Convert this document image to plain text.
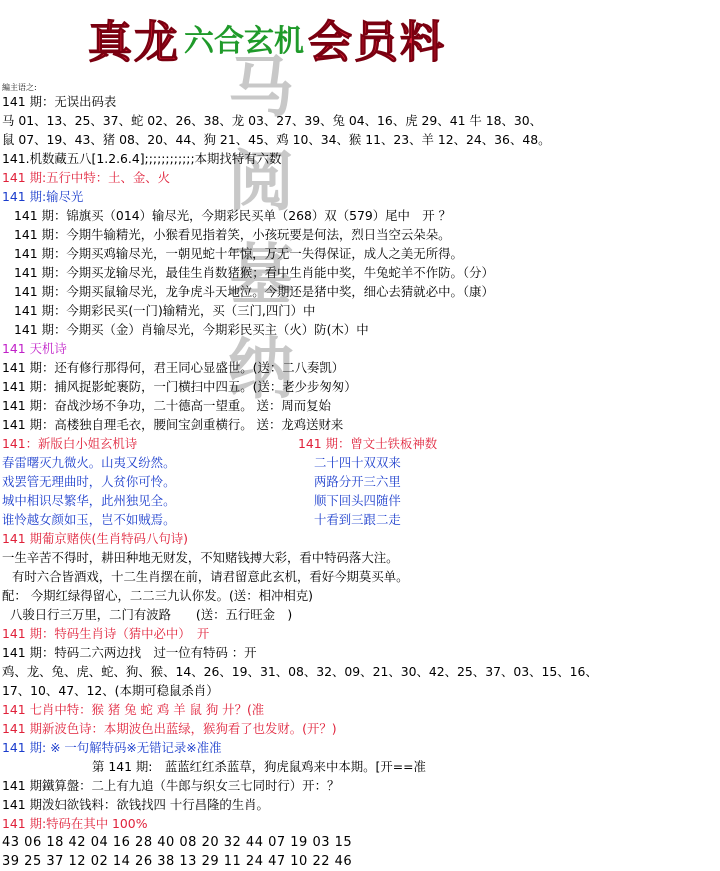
真龙 六合玄机会员料
編主语之:	马
阅
墓
纳
141 期：无误出码表
马 01、13、25、37、蛇 02、26、38、龙 03、27、39、兔 04、16、虎 29、41 牛 18、30、
鼠 07、19、43、猪 08、20、44、狗 21、45、鸡 10、34、猴 11、23、羊 12、24、36、48。
141.机数藏五八[1.2.6.4];;;;;;;;;;;;本期找特有六数
141 期:五行中特：土、金、火
141 期:输尽光
141 期：锦旗买（014）输尽光，今期彩民买单（268）双（579）尾中　开 ？
141 期：今期牛输精光，小猴看见指着笑，小孩玩要是何法，烈日当空云朵朵。
141 期：今期买鸡输尽光，一朝见蛇十年惊，万无一失得保证，成人之美无所得。
141 期：今期买龙输尽光，最佳生肖数猪猴；看中生肖能中奖，牛兔蛇羊不作防。（分）
141 期：今期买鼠输尽光，龙争虎斗天地泣。今期还是猪中奖，细心去猜就必中。（康）
141 期：今期彩民买(一门)输精光，买（三门,四门）中
141 期：今期买（金）肖输尽光，今期彩民买主（火）防(木）中
141 天机诗
141 期：还有修行那得何，君王同心显盛世。(送：二八奏凯）
141 期：捕风捉影蛇裹防，一门横扫中四五。(送：老少步匆匆）
141 期：奋战沙场不争功，二十德高一望重。 送：周而复始
141 期：高楼独自理毛衣，腰间宝剑重横行。 送：龙鸡送财来
141：新版白小姐玄机诗	141 期：曾文士铁板神数
春雷曙灭九微火。山夷又纷然。	二十四十双双来
戏罢管无理曲时，人贫你可怜。	两路分开三六里
城中相识尽繁华，此州独见全。	顺下回头四随伴
谁怜越女颜如玉，岂不如贼焉。	十看到三跟二走
141 期葡京赌侠(生肖特码八句诗)
一生辛苦不得时，耕田种地无财发，不知赌钱搏大彩，看中特码落大注。
有时六合皆酒戏，十二生肖摆在前，请君留意此玄机，看好今期莫买单。
配： 今期红绿得留心，二二三九认你发。(送：相冲相克)
八骏日行三万里，二门有波路　　(送：五行旺金　)
141 期：特码生肖诗（猜中必中）　开
141 期：特码二六两边找　过一位有特码 ：开
鸡、龙、兔、虎、蛇、狗、猴、14、26、19、31、08、32、09、21、30、42、25、37、03、15、16、
17、10、47、12、(本期可稳鼠杀肖）
141 七肖中特：猴 猪 兔 蛇 鸡 羊 鼠 狗 廾？(准
141 期新波色诗：本期波色出蓝绿，猴狗看了也发财。(开？)
141 期: ※ 一句解特码※无错记录※准准
第 141 期:　蓝蓝红红杀蓝草，狗虎鼠鸡来中本期。[开==准
141 期鐵算盤：二上有九追（牛郎与织女三七同时行）开：？
141 期泼妇欲钱料：欲钱找四 十行昌隆的生肖。
141 期:特码在其中 100%
43 06 18 42 04 16 28 40 08 20 32 44 07 19 03 15
39 25 37 12 02 14 26 38 13 29 11 24 47 10 22 46
